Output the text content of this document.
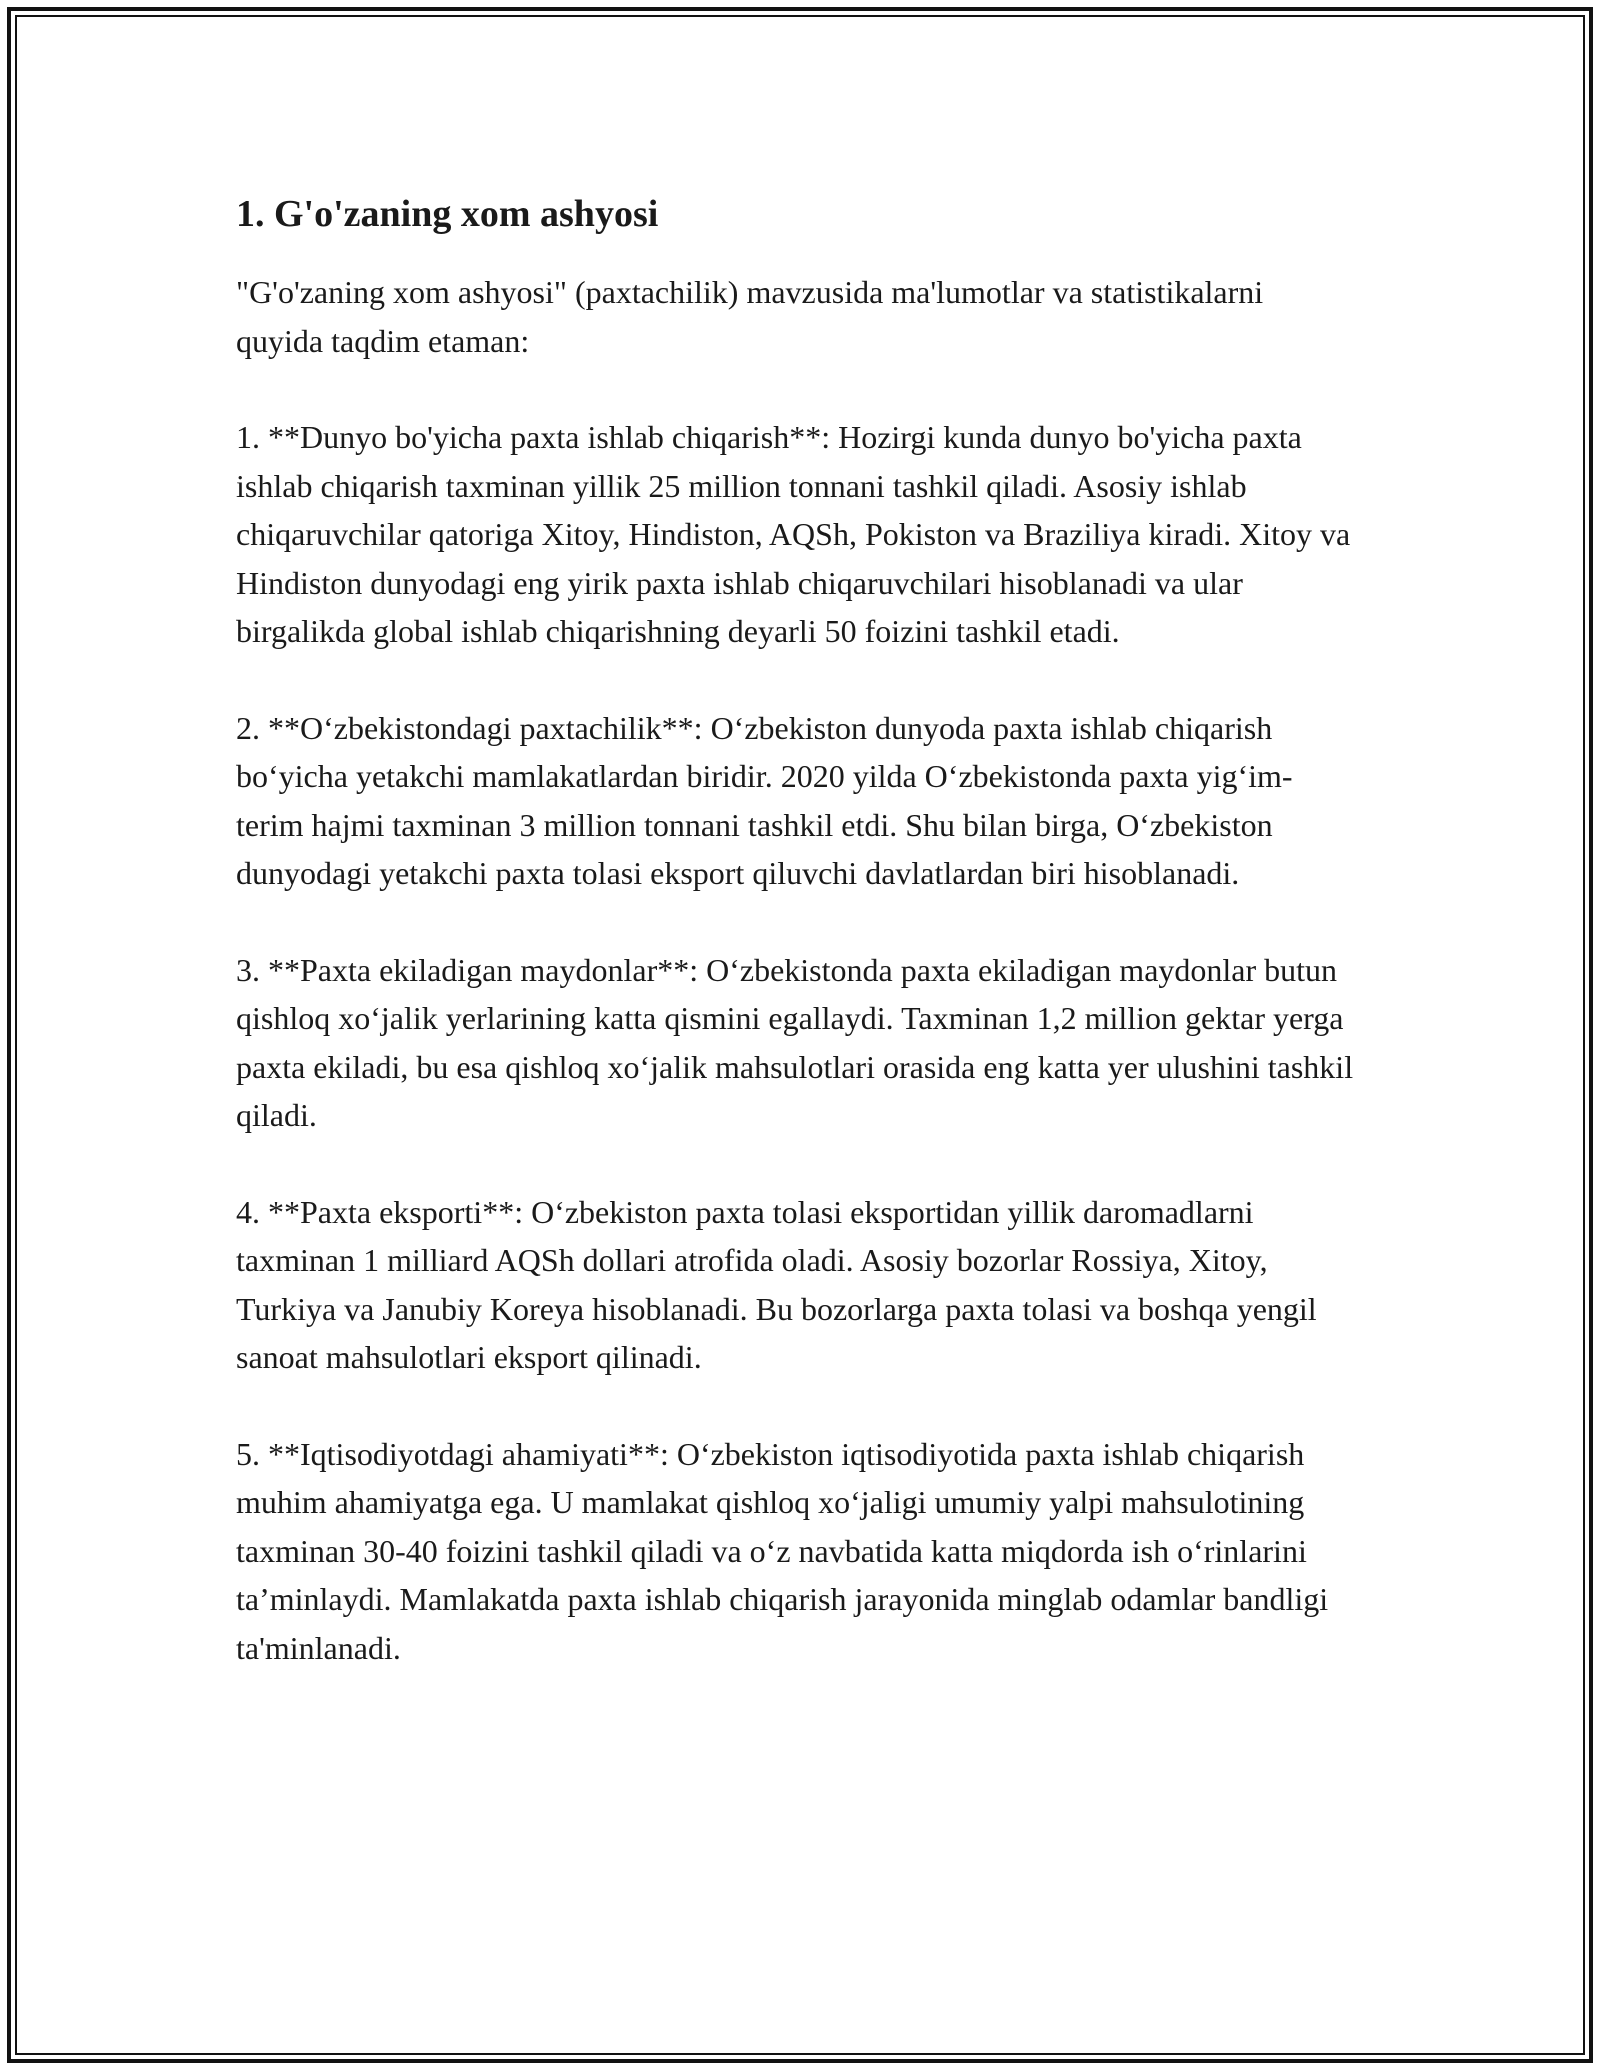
1. G'o'zaning xom ashyosi

"G'o'zaning xom ashyosi" (paxtachilik) mavzusida ma'lumotlar va statistikalarni quyida taqdim etaman:

1. **Dunyo bo'yicha paxta ishlab chiqarish**: Hozirgi kunda dunyo bo'yicha paxta ishlab chiqarish taxminan yillik 25 million tonnani tashkil qiladi. Asosiy ishlab chiqaruvchilar qatoriga Xitoy, Hindiston, AQSh, Pokiston va Braziliya kiradi. Xitoy va Hindiston dunyodagi eng yirik paxta ishlab chiqaruvchilari hisoblanadi va ular birgalikda global ishlab chiqarishning deyarli 50 foizini tashkil etadi.

2. **Oʻzbekistondagi paxtachilik**: Oʻzbekiston dunyoda paxta ishlab chiqarish boʻyicha yetakchi mamlakatlardan biridir. 2020 yilda Oʻzbekistonda paxta yigʻim-terim hajmi taxminan 3 million tonnani tashkil etdi. Shu bilan birga, Oʻzbekiston dunyodagi yetakchi paxta tolasi eksport qiluvchi davlatlardan biri hisoblanadi.

3. **Paxta ekiladigan maydonlar**: Oʻzbekistonda paxta ekiladigan maydonlar butun qishloq xoʻjalik yerlarining katta qismini egallaydi. Taxminan 1,2 million gektar yerga paxta ekiladi, bu esa qishloq xoʻjalik mahsulotlari orasida eng katta yer ulushini tashkil qiladi.

4. **Paxta eksporti**: Oʻzbekiston paxta tolasi eksportidan yillik daromadlarni taxminan 1 milliard AQSh dollari atrofida oladi. Asosiy bozorlar Rossiya, Xitoy, Turkiya va Janubiy Koreya hisoblanadi. Bu bozorlarga paxta tolasi va boshqa yengil sanoat mahsulotlari eksport qilinadi.

5. **Iqtisodiyotdagi ahamiyati**: Oʻzbekiston iqtisodiyotida paxta ishlab chiqarish muhim ahamiyatga ega. U mamlakat qishloq xoʻjaligi umumiy yalpi mahsulotining taxminan 30-40 foizini tashkil qiladi va oʻz navbatida katta miqdorda ish oʻrinlarini taʼminlaydi. Mamlakatda paxta ishlab chiqarish jarayonida minglab odamlar bandligi ta'minlanadi.
